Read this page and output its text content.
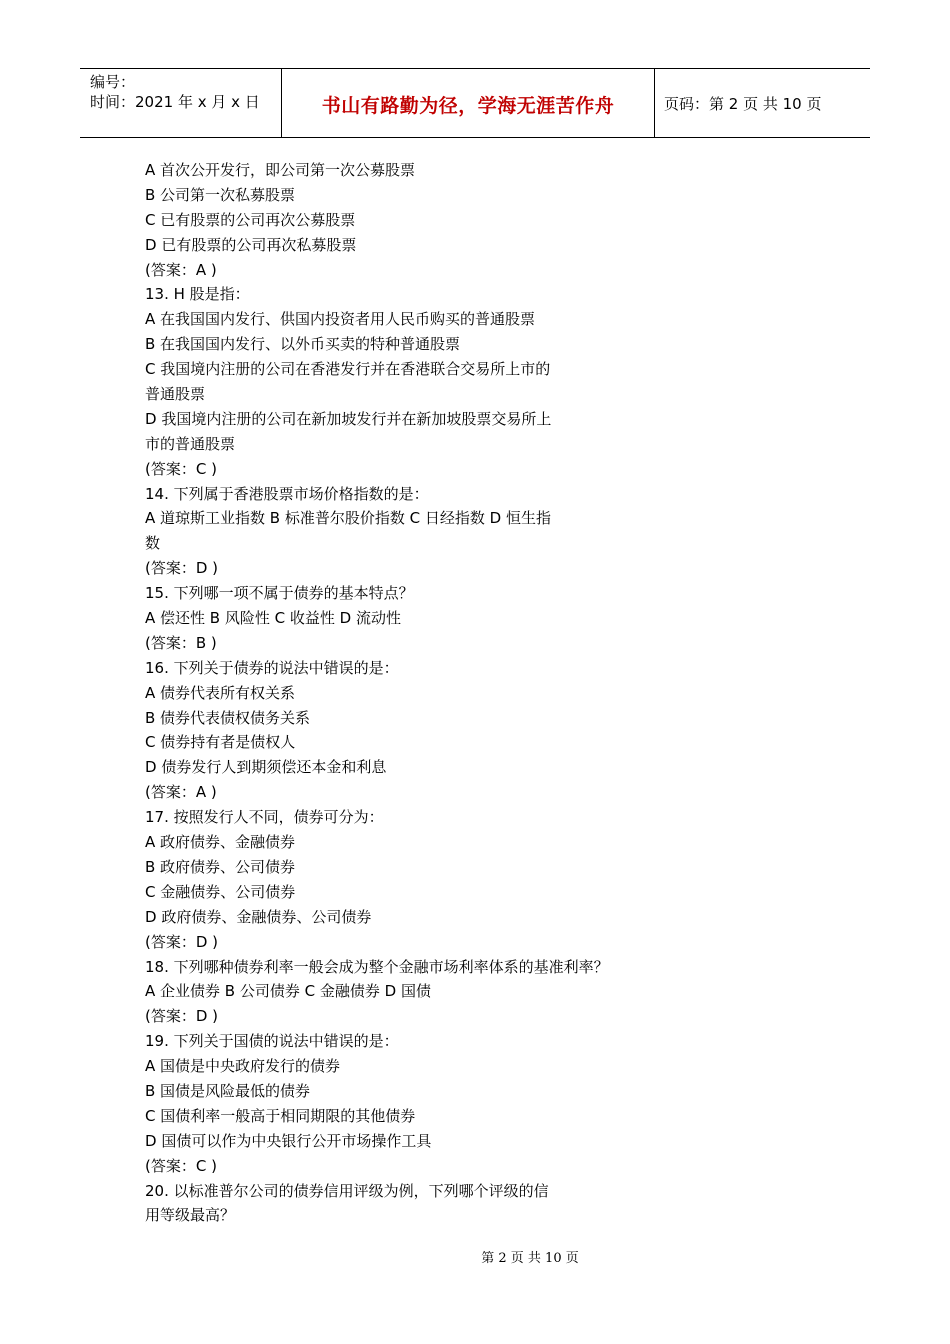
编号：
时间：2021 年 x 月 x 日	书山有路勤为径，学海无涯苦作舟	页码：第 2 页 共 10 页
A 首次公开发行，即公司第一次公募股票
B 公司第一次私募股票
C 已有股票的公司再次公募股票
D 已有股票的公司再次私募股票
(答案：A )
13. H 股是指：
A 在我国国内发行、供国内投资者用人民币购买的普通股票
B 在我国国内发行、以外币买卖的特种普通股票
C 我国境内注册的公司在香港发行并在香港联合交易所上市的
普通股票
D 我国境内注册的公司在新加坡发行并在新加坡股票交易所上
市的普通股票
(答案：C )
14. 下列属于香港股票市场价格指数的是：
A 道琼斯工业指数 B 标准普尔股价指数 C 日经指数 D 恒生指
数
(答案：D )
15. 下列哪一项不属于债券的基本特点？
A 偿还性 B 风险性 C 收益性 D 流动性
(答案：B )
16. 下列关于债券的说法中错误的是：
A 债券代表所有权关系
B 债券代表债权债务关系
C 债券持有者是债权人
D 债券发行人到期须偿还本金和利息
(答案：A )
17. 按照发行人不同，债券可分为：
A 政府债券、金融债券
B 政府债券、公司债券
C 金融债券、公司债券
D 政府债券、金融债券、公司债券
(答案：D )
18. 下列哪种债券利率一般会成为整个金融市场利率体系的基准利率？
A 企业债券 B 公司债券 C 金融债券 D 国债
(答案：D )
19. 下列关于国债的说法中错误的是：
A 国债是中央政府发行的债券
B 国债是风险最低的债券
C 国债利率一般高于相同期限的其他债券
D 国债可以作为中央银行公开市场操作工具
(答案：C )
20. 以标准普尔公司的债券信用评级为例，下列哪个评级的信
用等级最高？
第 2 页 共 10 页
